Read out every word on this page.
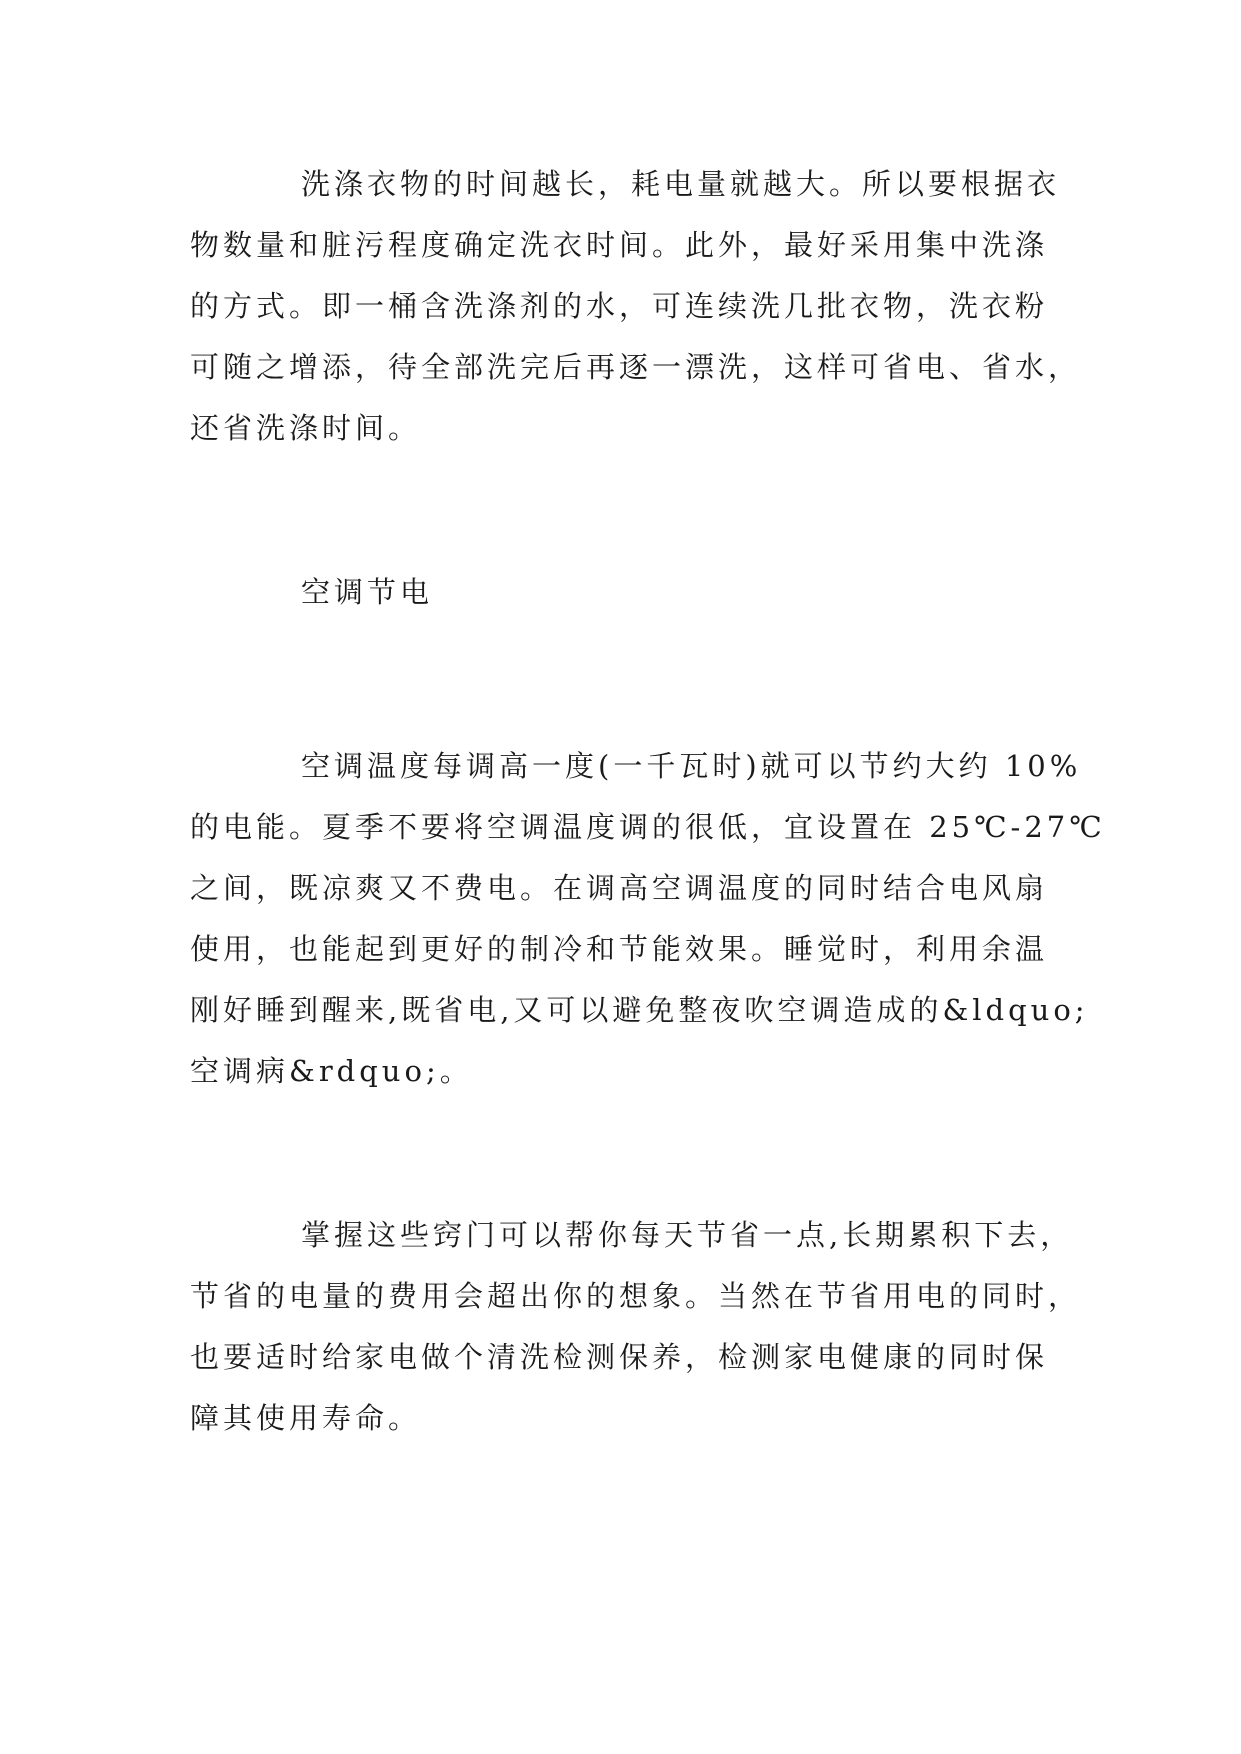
洗涤衣物的时间越长，耗电量就越大。所以要根据衣
物数量和脏污程度确定洗衣时间。此外，最好采用集中洗涤
的方式。即一桶含洗涤剂的水，可连续洗几批衣物，洗衣粉
可随之增添，待全部洗完后再逐一漂洗，这样可省电、省水，
还省洗涤时间。
空调节电
空调温度每调高一度(一千瓦时)就可以节约大约 10%
的电能。夏季不要将空调温度调的很低，宜设置在 25℃-27℃
之间，既凉爽又不费电。在调高空调温度的同时结合电风扇
使用，也能起到更好的制冷和节能效果。睡觉时，利用余温
刚好睡到醒来,既省电,又可以避免整夜吹空调造成的&ldquo;
空调病&rdquo;。
掌握这些窍门可以帮你每天节省一点,长期累积下去，
节省的电量的费用会超出你的想象。当然在节省用电的同时，
也要适时给家电做个清洗检测保养，检测家电健康的同时保
障其使用寿命。
